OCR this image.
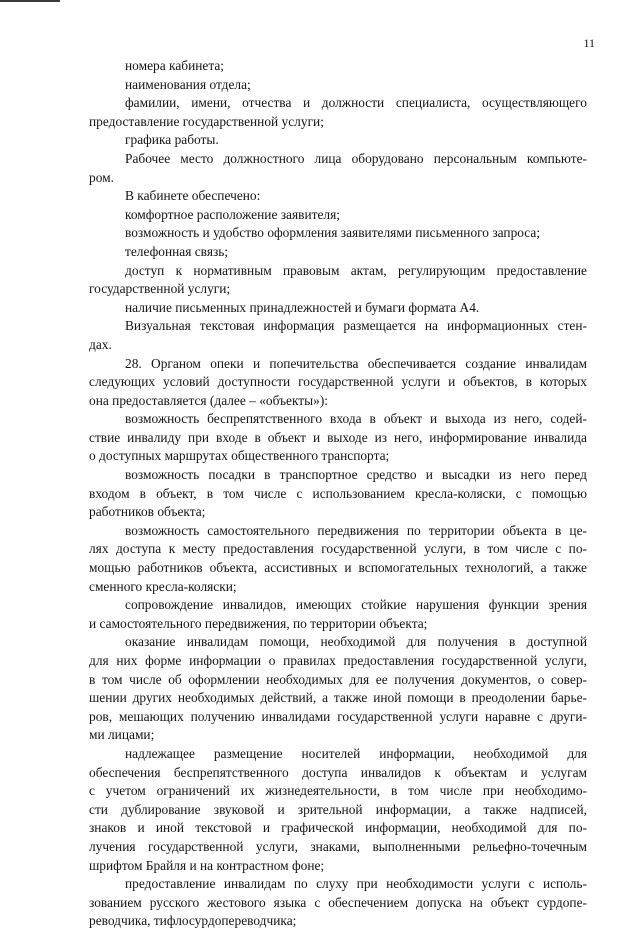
11
номера кабинета;
наименования отдела;
фамилии, имени, отчества и должности специалиста, осуществляющего
предоставление государственной услуги;
графика работы.
Рабочее место должностного лица оборудовано персональным компьюте-
ром.
В кабинете обеспечено:
комфортное расположение заявителя;
возможность и удобство оформления заявителями письменного запроса;
телефонная связь;
доступ к нормативным правовым актам, регулирующим предоставление
государственной услуги;
наличие письменных принадлежностей и бумаги формата А4.
Визуальная текстовая информация размещается на информационных стен-
дах.
28. Органом опеки и попечительства обеспечивается создание инвалидам
следующих условий доступности государственной услуги и объектов, в которых
она предоставляется (далее – «объекты»):
возможность беспрепятственного входа в объект и выхода из него, содей-
ствие инвалиду при входе в объект и выходе из него, информирование инвалида
о доступных маршрутах общественного транспорта;
возможность посадки в транспортное средство и высадки из него перед
входом в объект, в том числе с использованием кресла-коляски, с помощью
работников объекта;
возможность самостоятельного передвижения по территории объекта в це-
лях доступа к месту предоставления государственной услуги, в том числе с по-
мощью работников объекта, ассистивных и вспомогательных технологий, а также
сменного кресла-коляски;
сопровождение инвалидов, имеющих стойкие нарушения функции зрения
и самостоятельного передвижения, по территории объекта;
оказание инвалидам помощи, необходимой для получения в доступной
для них форме информации о правилах предоставления государственной услуги,
в том числе об оформлении необходимых для ее получения документов, о совер-
шении других необходимых действий, а также иной помощи в преодолении барье-
ров, мешающих получению инвалидами государственной услуги наравне с други-
ми лицами;
надлежащее размещение носителей информации, необходимой для
обеспечения беспрепятственного доступа инвалидов к объектам и услугам
с учетом ограничений их жизнедеятельности, в том числе при необходимо-
сти дублирование звуковой и зрительной информации, а также надписей,
знаков и иной текстовой и графической информации, необходимой для по-
лучения государственной услуги, знаками, выполненными рельефно-точечным
шрифтом Брайля и на контрастном фоне;
предоставление инвалидам по слуху при необходимости услуги с исполь-
зованием русского жестового языка с обеспечением допуска на объект сурдопе-
реводчика, тифлосурдопереводчика;
